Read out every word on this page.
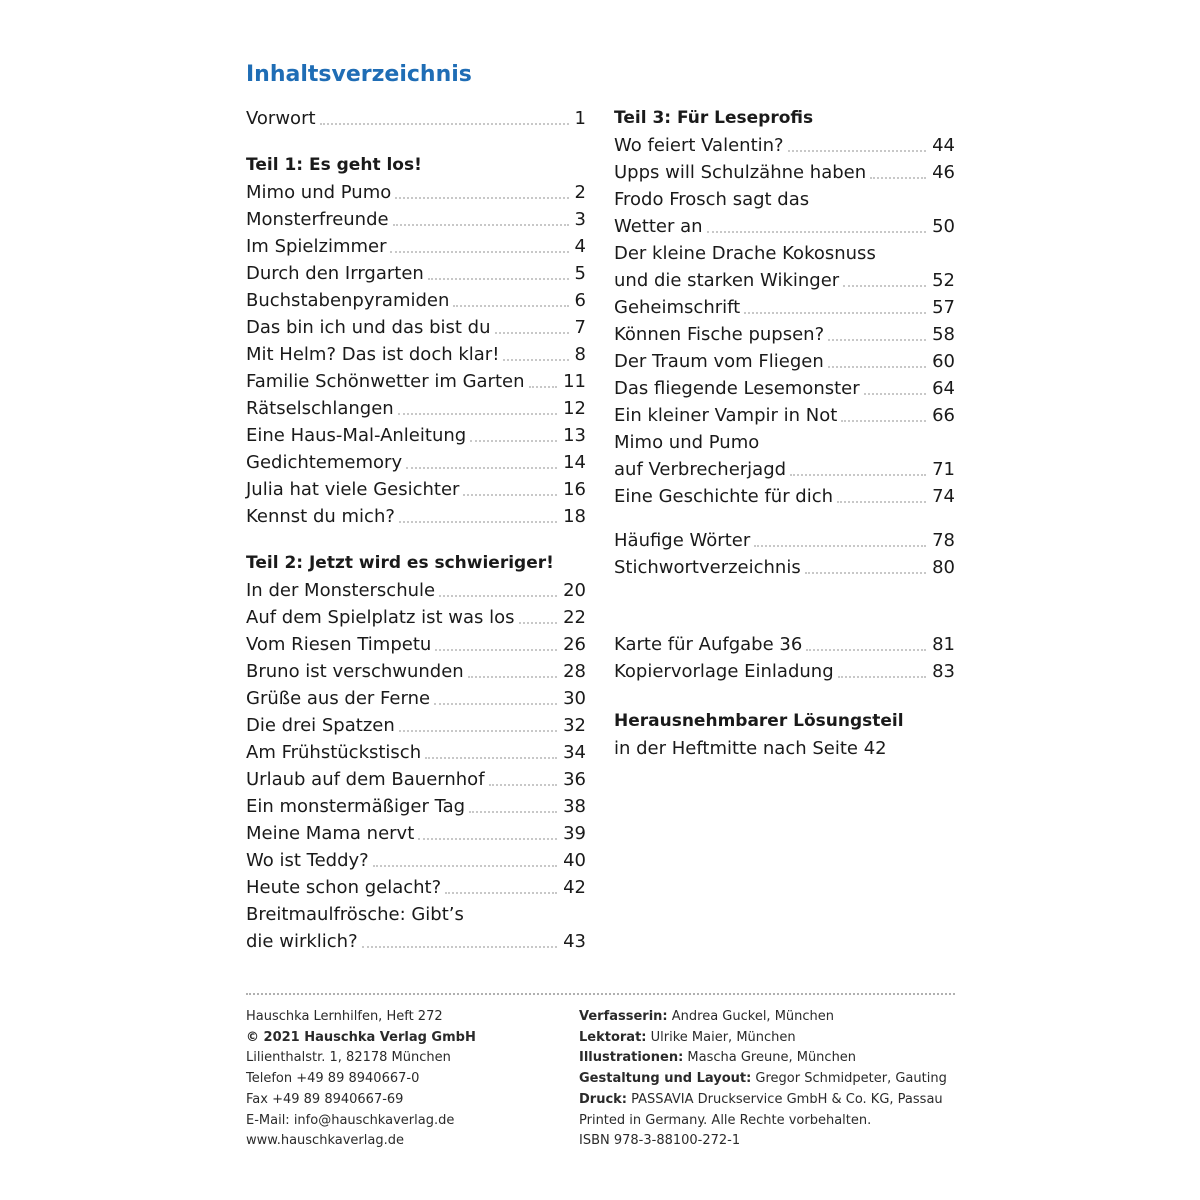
Inhaltsverzeichnis
Vorwort	1
Teil 1: Es geht los!
Mimo und Pumo	2
Monsterfreunde	3
Im Spielzimmer	4
Durch den Irrgarten	5
Buchstabenpyramiden	6
Das bin ich und das bist du	7
Mit Helm? Das ist doch klar!	8
Familie Schönwetter im Garten 11
Rätselschlangen	12
Eine Haus-Mal-Anleitung	13
Gedichtememory	14
Julia hat viele Gesichter	16
Kennst du mich?	18
Teil 2: Jetzt wird es schwieriger!
In der Monsterschule	20
Auf dem Spielplatz ist was los	22
Vom Riesen Timpetu	26
Bruno ist verschwunden	28
Grüße aus der Ferne	30
Die drei Spatzen	32
Am Frühstückstisch	34
Urlaub auf dem Bauernhof	36
Ein monstermäßiger Tag	38
Meine Mama nervt	39
Wo ist Teddy?	40
Heute schon gelacht?	42
Breitmaulfrösche: Gibt’s
die wirklich?	43
Teil 3: Für Leseprofis
Wo feiert Valentin?	44
Upps will Schulzähne haben	46
Frodo Frosch sagt das
Wetter an	50
Der kleine Drache Kokosnuss
und die starken Wikinger	52
Geheimschrift	57
Können Fische pupsen?	58
Der Traum vom Fliegen	60
Das fliegende Lesemonster	64
Ein kleiner Vampir in Not	66
Mimo und Pumo
auf Verbrecherjagd	71
Eine Geschichte für dich	74
Häufige Wörter	78
Stichwortverzeichnis	80
Karte für Aufgabe 36	81
Kopiervorlage Einladung	83
Herausnehmbarer Lösungsteil
in der Heftmitte nach Seite 42
Hauschka Lernhilfen, Heft 272
© 2021 Hauschka Verlag GmbH
Lilienthalstr. 1, 82178 München
Telefon +49 89 8940667-0
Fax +49 89 8940667-69
E-Mail: info@hauschkaverlag.de
www.hauschkaverlag.de
Verfasserin: Andrea Guckel, München
Lektorat: Ulrike Maier, München
Illustrationen: Mascha Greune, München
Gestaltung und Layout: Gregor Schmidpeter, Gauting
Druck: PASSAVIA Druckservice GmbH & Co. KG, Passau
Printed in Germany. Alle Rechte vorbehalten.
ISBN 978-3-88100-272-1
